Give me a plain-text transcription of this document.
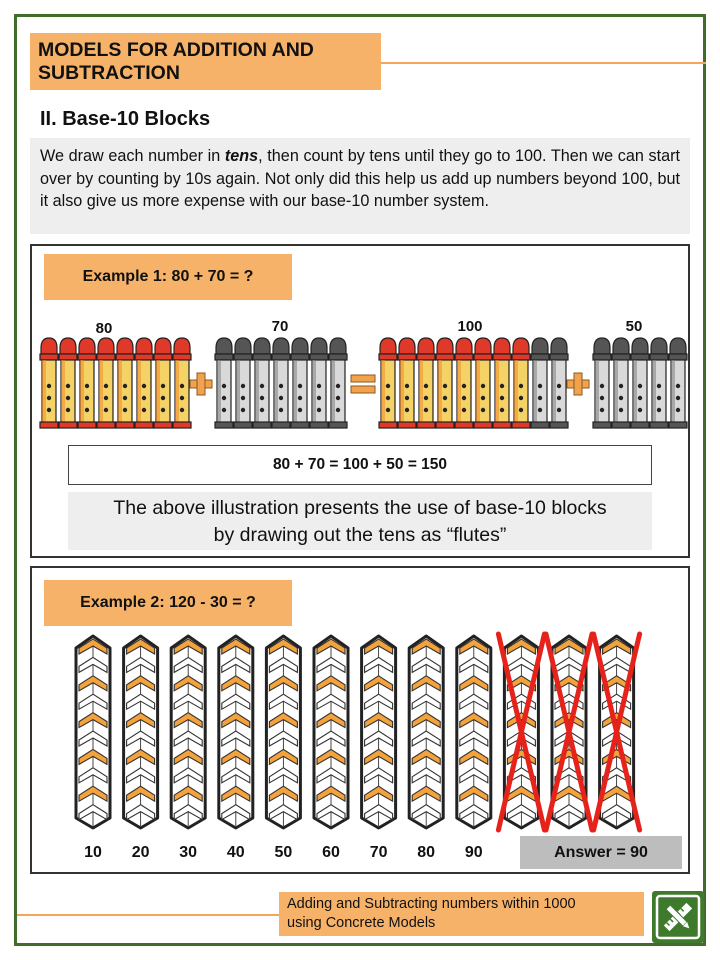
MODELS FOR ADDITION AND SUBTRACTION
II. Base-10 Blocks
We draw each number in tens, then count by tens until they go to 100. Then we can start over by counting by 10s again. Not only did this help us add up numbers beyond 100, but it also give us more expense with our base-10 number system.
Example 1: 80 + 70 = ?
80	70	100	50
80 + 70 = 100 + 50 = 150
The above illustration presents the use of base-10 blocks
by drawing out the tens as “flutes”
Example 2: 120 - 30 = ?
10	20	30	40	50	60	70	80	90	Answer = 90
Adding and Subtracting numbers within 1000
using Concrete Models
